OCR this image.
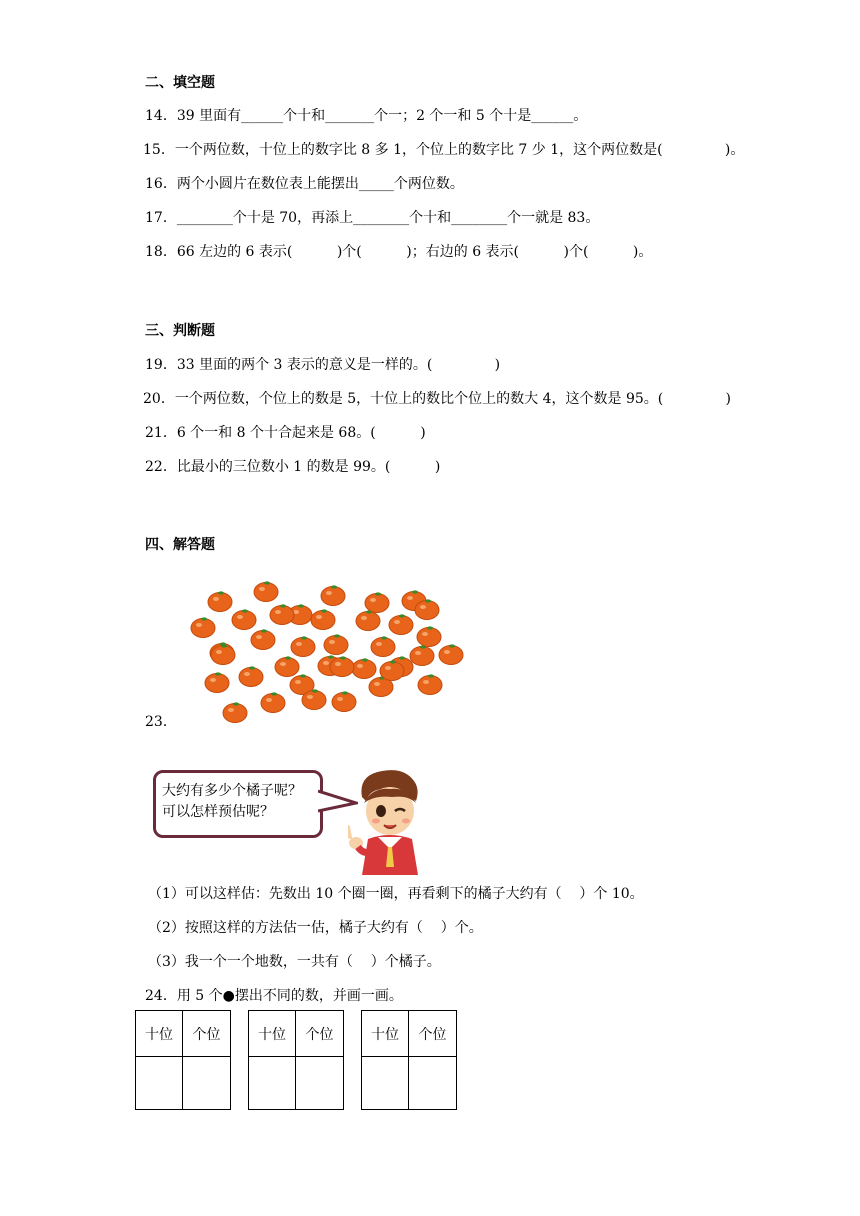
二、填空题
14．39 里面有______个十和_______个一；2 个一和 5 个十是______。
15．一个两位数，十位上的数字比 8 多 1，个位上的数字比 7 少 1，这个两位数是(              )。
16．两个小圆片在数位表上能摆出_____个两位数。
17．________个十是 70，再添上________个十和________个一就是 83。
18．66 左边的 6 表示(          )个(          )；右边的 6 表示(          )个(          )。
三、判断题
19．33 里面的两个 3 表示的意义是一样的。(              )
20．一个两位数，个位上的数是 5，十位上的数比个位上的数大 4，这个数是 95。(              )
21．6 个一和 8 个十合起来是 68。(          )
22．比最小的三位数小 1 的数是 99。(          )
四、解答题
23．
大约有多少个橘子呢？
可以怎样预估呢？
（1）可以这样估：先数出 10 个圈一圈，再看剩下的橘子大约有（    ）个 10。
（2）按照这样的方法估一估，橘子大约有（    ）个。
（3）我一个一个地数，一共有（    ）个橘子。
24．用 5 个●摆出不同的数，并画一画。
十位	个位	十位	个位	十位	个位
